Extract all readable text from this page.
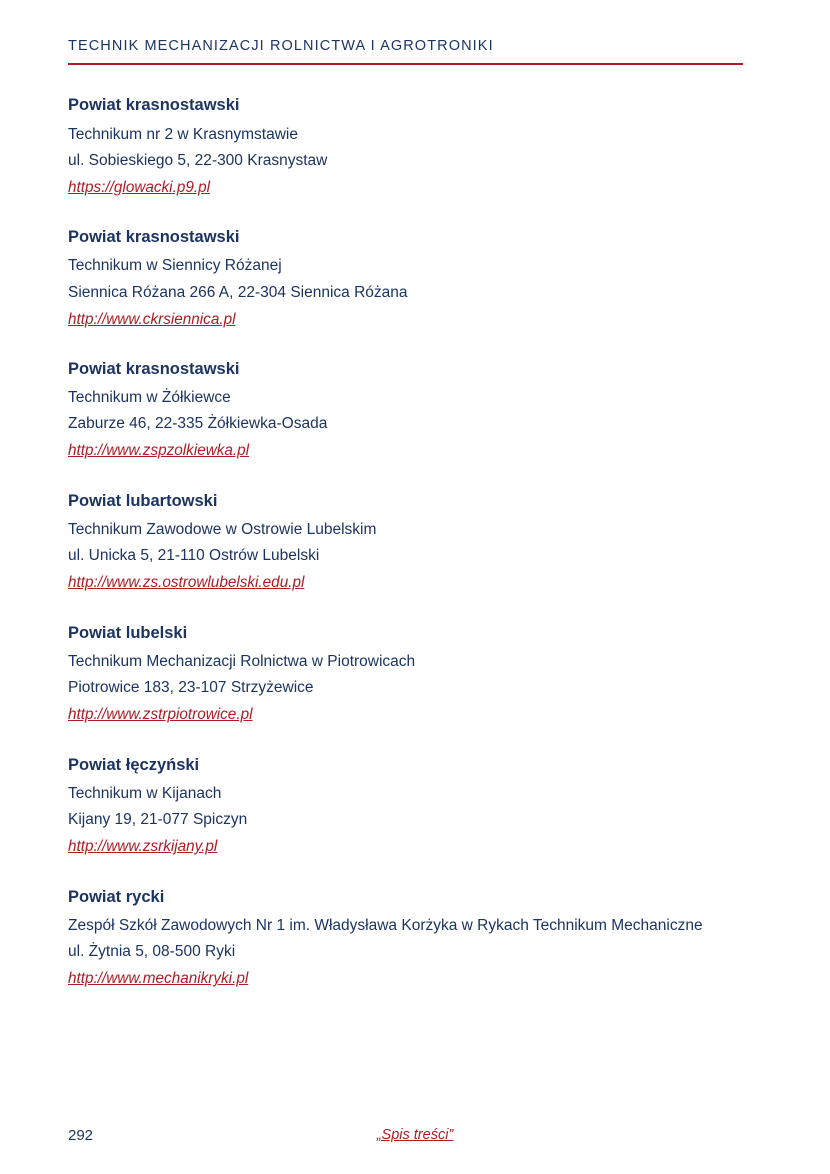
TECHNIK MECHANIZACJI ROLNICTWA I AGROTRONIKI
Powiat krasnostawski
Technikum nr 2 w Krasnymstawie
ul. Sobieskiego 5, 22-300 Krasnystaw
https://glowacki.p9.pl
Powiat krasnostawski
Technikum w Siennicy Różanej
Siennica Różana 266 A, 22-304 Siennica Różana
http://www.ckrsiennica.pl
Powiat krasnostawski
Technikum w Żółkiewce
Zaburze 46, 22-335 Żółkiewka-Osada
http://www.zspzolkiewka.pl
Powiat lubartowski
Technikum Zawodowe w Ostrowie Lubelskim
ul. Unicka 5, 21-110 Ostrów Lubelski
http://www.zs.ostrowlubelski.edu.pl
Powiat lubelski
Technikum Mechanizacji Rolnictwa w Piotrowicach
Piotrowice 183, 23-107 Strzyżewice
http://www.zstrpiotrowice.pl
Powiat łęczyński
Technikum w Kijanach
Kijany 19, 21-077 Spiczyn
http://www.zsrkijany.pl
Powiat rycki
Zespół Szkół Zawodowych Nr 1 im. Władysława Korżyka w Rykach Technikum Mechaniczne
ul. Żytnia 5, 08-500 Ryki
http://www.mechanikryki.pl
292	„Spis treści”
